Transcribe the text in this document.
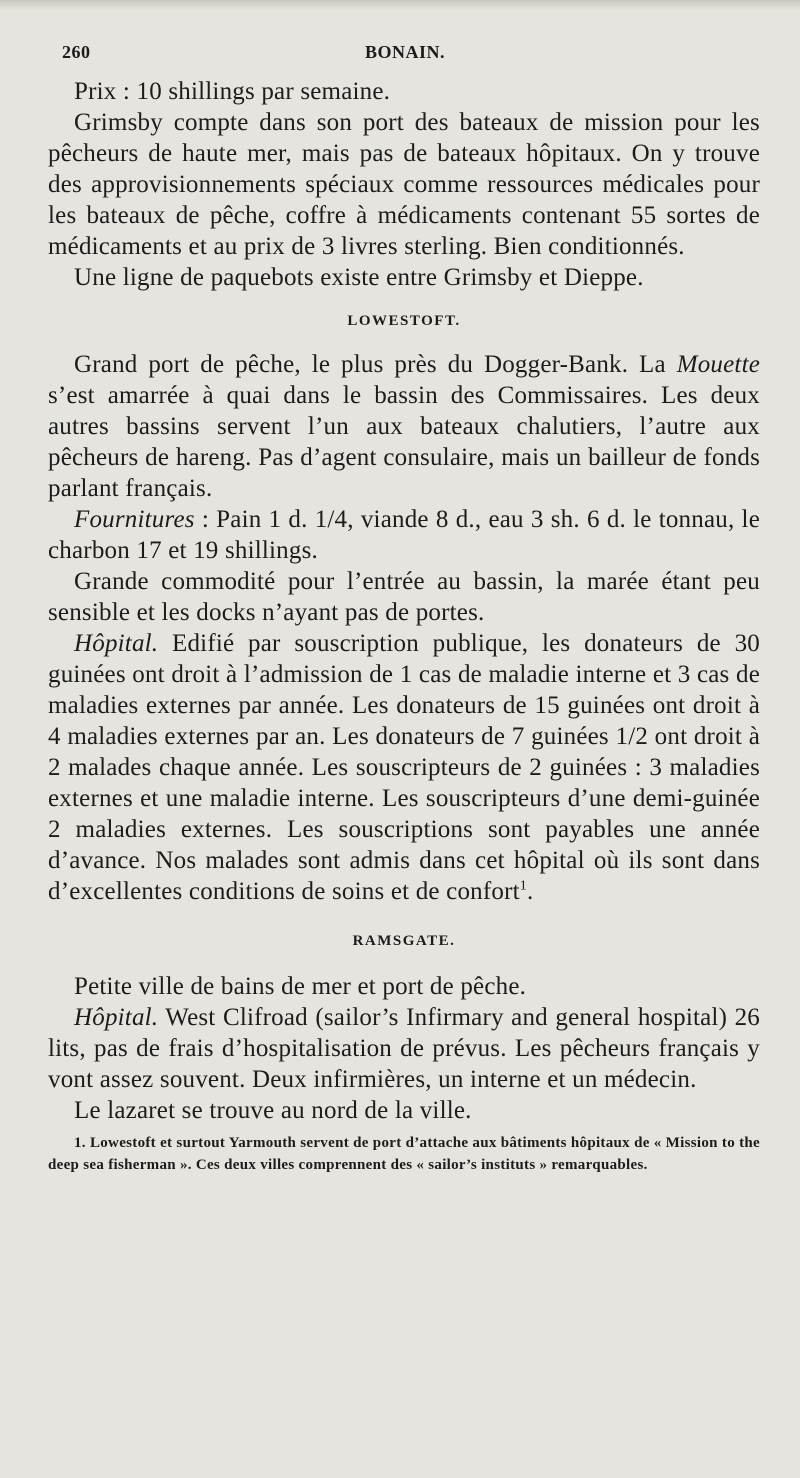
260	BONAIN.

Prix : 10 shillings par semaine.

Grimsby compte dans son port des bateaux de mission pour les pêcheurs de haute mer, mais pas de bateaux hôpitaux. On y trouve des approvisionnements spéciaux comme ressources médicales pour les bateaux de pêche, coffre à médicaments contenant 55 sortes de médicaments et au prix de 3 livres sterling. Bien conditionnés.

Une ligne de paquebots existe entre Grimsby et Dieppe.

LOWESTOFT.

Grand port de pêche, le plus près du Dogger-Bank. La Mouette s’est amarrée à quai dans le bassin des Commissaires. Les deux autres bassins servent l’un aux bateaux chalutiers, l’autre aux pêcheurs de hareng. Pas d’agent consulaire, mais un bailleur de fonds parlant français.

Fournitures : Pain 1 d. 1/4, viande 8 d., eau 3 sh. 6 d. le tonnau, le charbon 17 et 19 shillings.

Grande commodité pour l’entrée au bassin, la marée étant peu sensible et les docks n’ayant pas de portes.

Hôpital. Edifié par souscription publique, les donateurs de 30 guinées ont droit à l’admission de 1 cas de maladie interne et 3 cas de maladies externes par année. Les donateurs de 15 guinées ont droit à 4 maladies externes par an. Les donateurs de 7 guinées 1/2 ont droit à 2 malades chaque année. Les souscripteurs de 2 guinées : 3 maladies externes et une maladie interne. Les souscripteurs d’une demi-guinée 2 maladies externes. Les souscriptions sont payables une année d’avance. Nos malades sont admis dans cet hôpital où ils sont dans d’excellentes conditions de soins et de confort$^1$.

RAMSGATE.

Petite ville de bains de mer et port de pêche.

Hôpital. West Clifroad (sailor’s Infirmary and general hospital) 26 lits, pas de frais d’hospitalisation de prévus. Les pêcheurs français y vont assez souvent. Deux infirmières, un interne et un médecin.

Le lazaret se trouve au nord de la ville.

1. Lowestoft et surtout Yarmouth servent de port d’attache aux bâtiments hôpitaux de « Mission to the deep sea fisherman ». Ces deux villes comprennent des « sailor’s instituts » remarquables.
